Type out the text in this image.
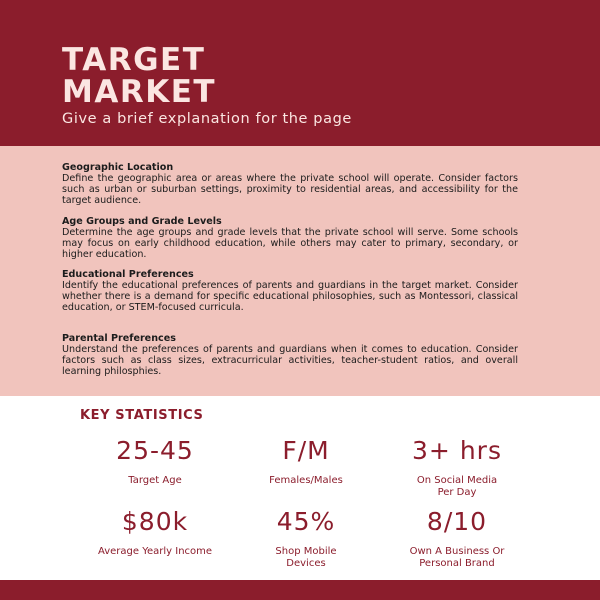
TARGET
MARKET
Give a brief explanation for the page
Geographic Location

Define the geographic area or areas where the private school will operate. Consider factors such as urban or suburban settings, proximity to residential areas, and accessibility for the target audience.

Age Groups and Grade Levels

Determine the age groups and grade levels that the private school will serve. Some schools may focus on early childhood education, while others may cater to primary, secondary, or higher education.

Educational Preferences

Identify the educational preferences of parents and guardians in the target market. Consider whether there is a demand for specific educational philosophies, such as Montessori, classical education, or STEM-focused curricula.

Parental Preferences

Understand the preferences of parents and guardians when it comes to education. Consider factors such as class sizes, extracurricular activities, teacher-student ratios, and overall learning philosphies.

KEY STATISTICS
25-45
Target Age
F/M
Females/Males
3+ hrs
On Social Media Per Day
$80k
Average Yearly Income
45%
Shop Mobile Devices
8/10
Own A Business Or Personal Brand
